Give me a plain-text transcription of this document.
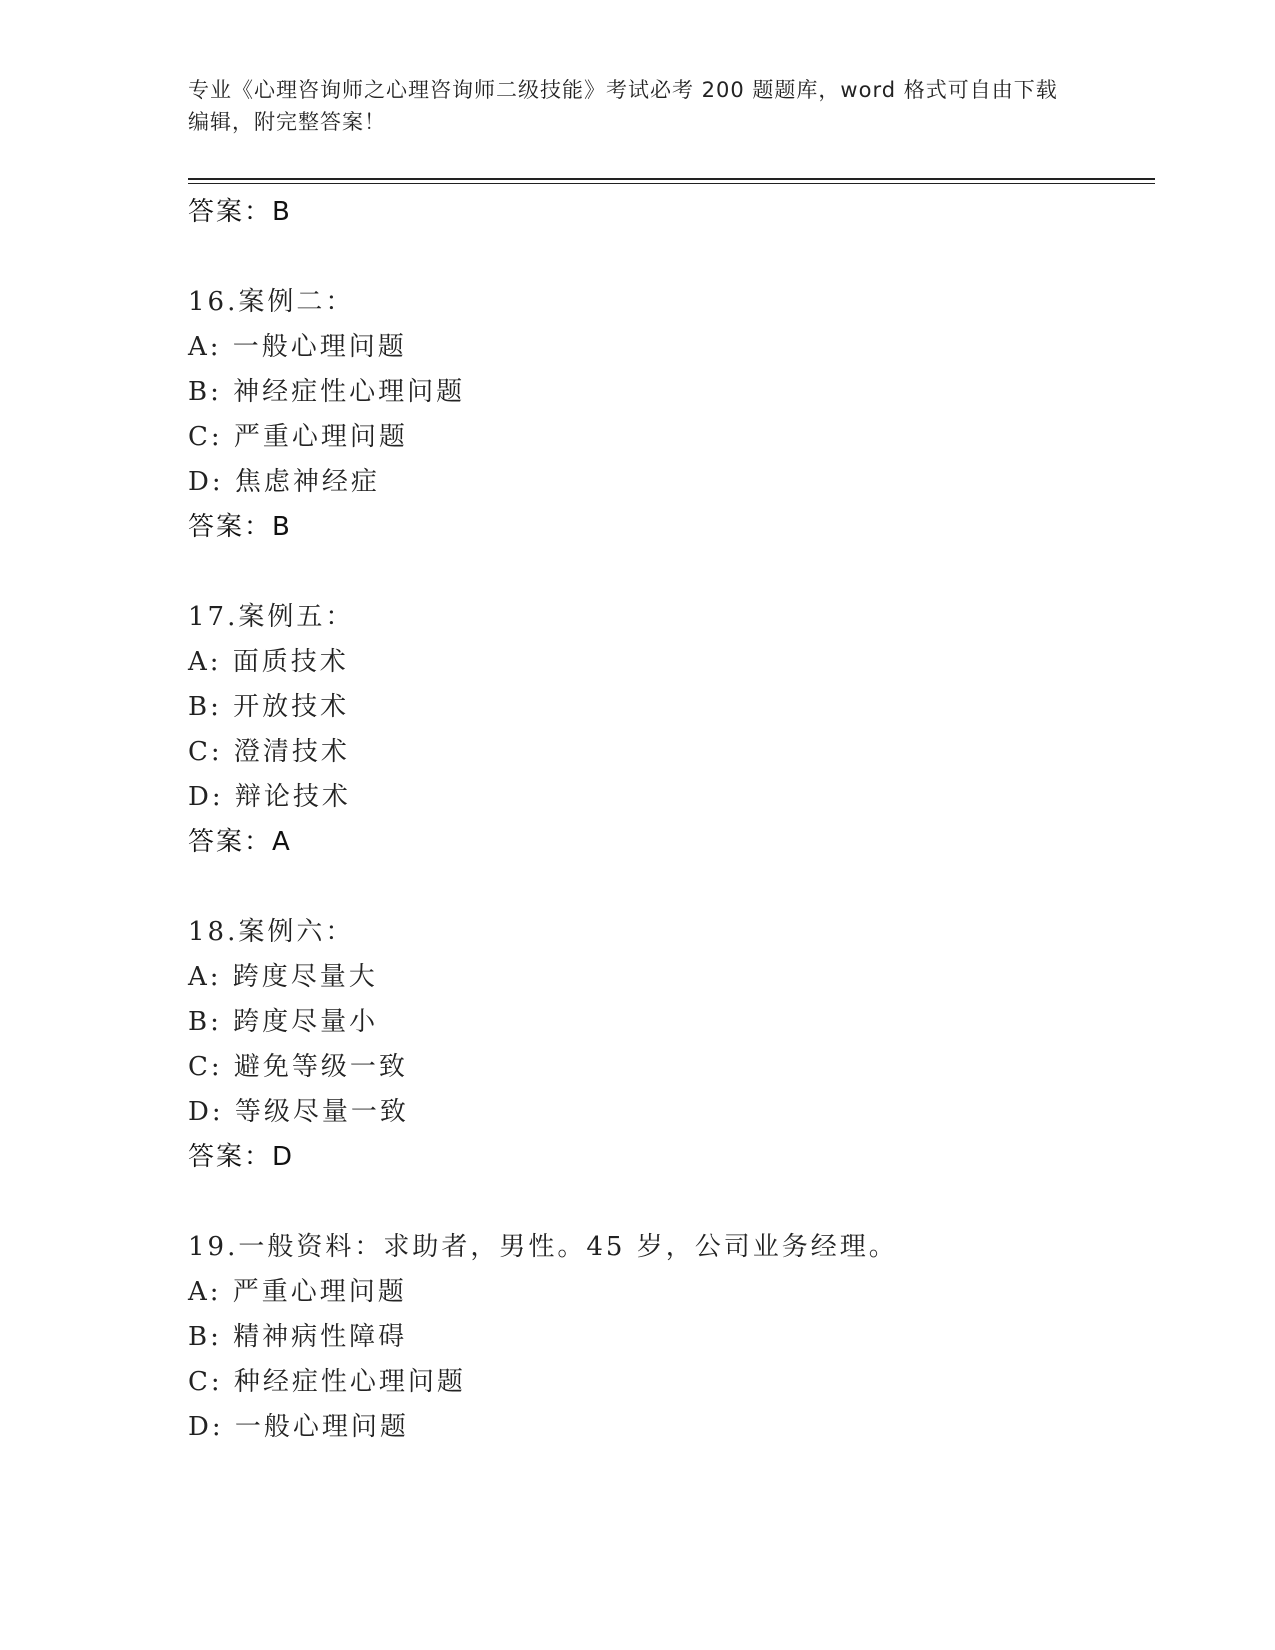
专业《心理咨询师之心理咨询师二级技能》考试必考 200 题题库，word 格式可自由下载编辑，附完整答案！
答案：B
16.案例二：
A: 一般心理问题
B: 神经症性心理问题
C: 严重心理问题
D: 焦虑神经症
答案：B
17.案例五：
A: 面质技术
B: 开放技术
C: 澄清技术
D: 辩论技术
答案：A
18.案例六：
A: 跨度尽量大
B: 跨度尽量小
C: 避免等级一致
D: 等级尽量一致
答案：D
19.一般资料：求助者，男性。45 岁，公司业务经理。
A: 严重心理问题
B: 精神病性障碍
C: 种经症性心理问题
D: 一般心理问题
